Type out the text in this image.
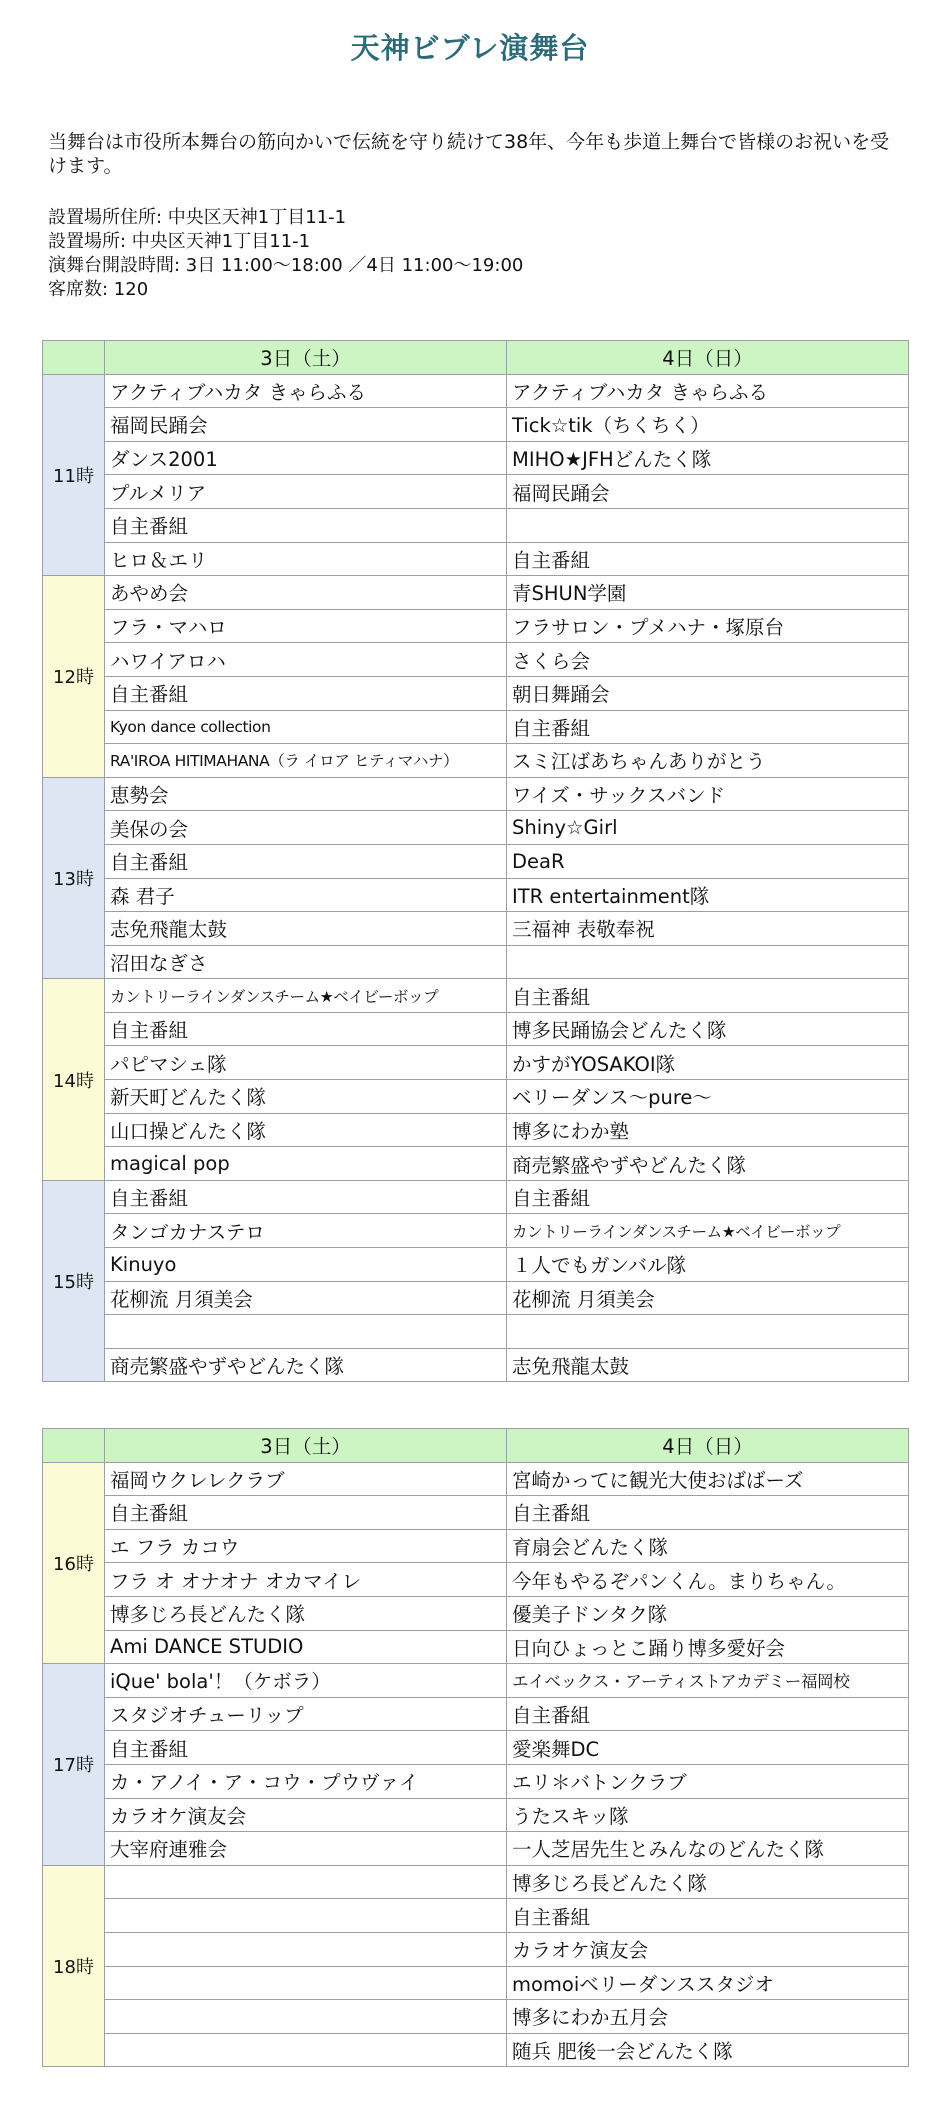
天神ビブレ演舞台
当舞台は市役所本舞台の筋向かいで伝統を守り続けて38年、今年も歩道上舞台で皆様のお祝いを受けます。
設置場所住所: 中央区天神1丁目11-1
設置場所: 中央区天神1丁目11-1
演舞台開設時間: 3日 11:00～18:00 ／4日 11:00～19:00
客席数: 120
	3日（土）	4日（日）
11時	アクティブハカタ きゃらふる	アクティブハカタ きゃらふる
	福岡民踊会	Tick☆tik（ちくちく）
	ダンス2001	MIHO★JFHどんたく隊
	プルメリア	福岡民踊会
	自主番組	
	ヒロ＆エリ	自主番組
12時	あやめ会	青SHUN学園
	フラ・マハロ	フラサロン・プメハナ・塚原台
	ハワイアロハ	さくら会
	自主番組	朝日舞踊会
	Kyon dance collection	自主番組
	RA'IROA HITIMAHANA（ラ イロア ヒティマハナ）	スミ江ばあちゃんありがとう
13時	恵勢会	ワイズ・サックスバンド
	美保の会	Shiny☆Girl
	自主番組	DeaR
	森 君子	ITR entertainment隊
	志免飛龍太鼓	三福神 表敬奉祝
	沼田なぎさ	
14時	カントリーラインダンスチーム★ベイビーボップ	自主番組
	自主番組	博多民踊協会どんたく隊
	パピマシェ隊	かすがYOSAKOI隊
	新天町どんたく隊	ベリーダンス～pure～
	山口操どんたく隊	博多にわか塾
	magical pop	商売繁盛やずやどんたく隊
15時	自主番組	自主番組
	タンゴカナステロ	カントリーラインダンスチーム★ベイビーボップ
	Kinuyo	１人でもガンバル隊
	花柳流 月須美会	花柳流 月須美会

	商売繁盛やずやどんたく隊	志免飛龍太鼓
	3日（土）	4日（日）
16時	福岡ウクレレクラブ	宮崎かってに観光大使おばばーズ
	自主番組	自主番組
	エ フラ カコウ	育扇会どんたく隊
	フラ オ オナオナ オカマイレ	今年もやるぞパンくん。まりちゃん。
	博多じろ長どんたく隊	優美子ドンタク隊
	Ami DANCE STUDIO	日向ひょっとこ踊り博多愛好会
17時	iQue' bola'！（ケボラ）	エイベックス・アーティストアカデミー福岡校
	スタジオチューリップ	自主番組
	自主番組	愛楽舞DC
	カ・アノイ・ア・コウ・プウヴァイ	エリ＊バトンクラブ
	カラオケ演友会	うたスキッ隊
	大宰府連雅会	一人芝居先生とみんなのどんたく隊
18時		博多じろ長どんたく隊
		自主番組
		カラオケ演友会
		momoiベリーダンススタジオ
		博多にわか五月会
		随兵 肥後一会どんたく隊
